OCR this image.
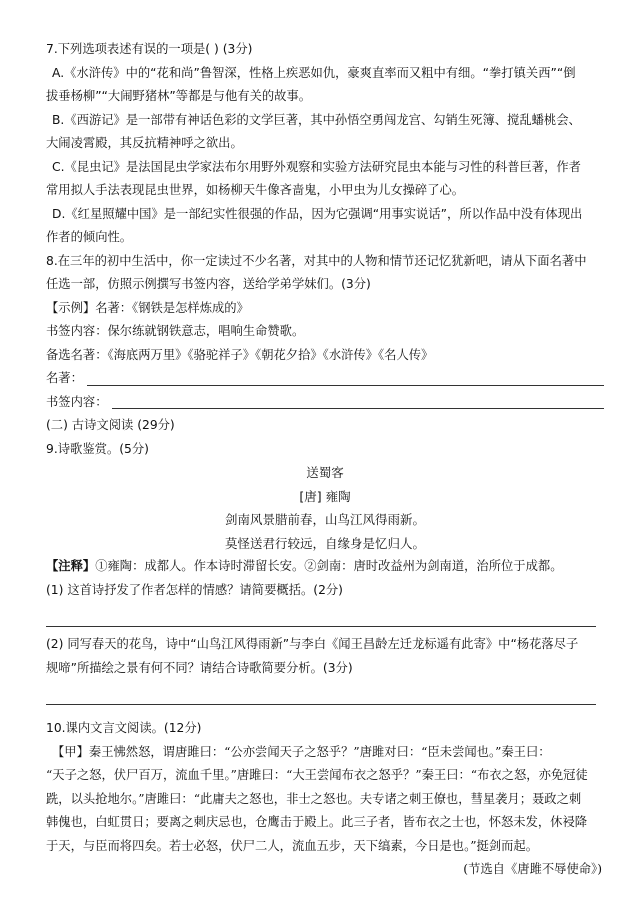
7.下列选项表述有误的一项是( ) (3分)
A.《水浒传》中的“花和尚”鲁智深，性格上疾恶如仇，豪爽直率而又粗中有细。“拳打镇关西”“倒
拔垂杨柳”“大闹野猪林”等都是与他有关的故事。
B.《西游记》是一部带有神话色彩的文学巨著，其中孙悟空勇闯龙宫、勾销生死簿、搅乱蟠桃会、
大闹凌霄殿，其反抗精神呼之欲出。
C.《昆虫记》是法国昆虫学家法布尔用野外观察和实验方法研究昆虫本能与习性的科普巨著，作者
常用拟人手法表现昆虫世界，如杨柳天牛像吝啬鬼，小甲虫为儿女操碎了心。
D.《红星照耀中国》是一部纪实性很强的作品，因为它强调“用事实说话”，所以作品中没有体现出
作者的倾向性。
8.在三年的初中生活中，你一定读过不少名著，对其中的人物和情节还记忆犹新吧，请从下面名著中
任选一部，仿照示例撰写书签内容，送给学弟学妹们。(3分)
【示例】名著：《钢铁是怎样炼成的》
书签内容：保尔练就钢铁意志，唱响生命赞歌。
备选名著：《海底两万里》《骆驼祥子》《朝花夕拾》《水浒传》《名人传》
名著：
书签内容：
(二) 古诗文阅读 (29分)
9.诗歌鉴赏。(5分)
送蜀客
[唐] 雍陶
剑南风景腊前春，山鸟江风得雨新。
莫怪送君行较远，自缘身是忆归人。
【注释】①雍陶：成都人。作本诗时滞留长安。②剑南：唐时改益州为剑南道，治所位于成都。
(1) 这首诗抒发了作者怎样的情感？请简要概括。(2分)
(2) 同写春天的花鸟，诗中“山鸟江风得雨新”与李白《闻王昌龄左迁龙标遥有此寄》中“杨花落尽子
规啼”所描绘之景有何不同？请结合诗歌简要分析。(3分)
10.课内文言文阅读。(12分)
【甲】秦王怫然怒，谓唐雎曰：“公亦尝闻天子之怒乎？”唐雎对曰：“臣未尝闻也。”秦王曰：
“天子之怒，伏尸百万，流血千里。”唐雎曰：“大王尝闻布衣之怒乎？”秦王曰：“布衣之怒，亦免冠徒
跣，以头抢地尔。”唐雎曰：“此庸夫之怒也，非士之怒也。夫专诸之刺王僚也，彗星袭月；聂政之刺
韩傀也，白虹贯日；要离之刺庆忌也，仓鹰击于殿上。此三子者，皆布衣之士也，怀怒未发，休祲降
于天，与臣而将四矣。若士必怒，伏尸二人，流血五步，天下缟素，今日是也。”挺剑而起。
(节选自《唐雎不辱使命》)
